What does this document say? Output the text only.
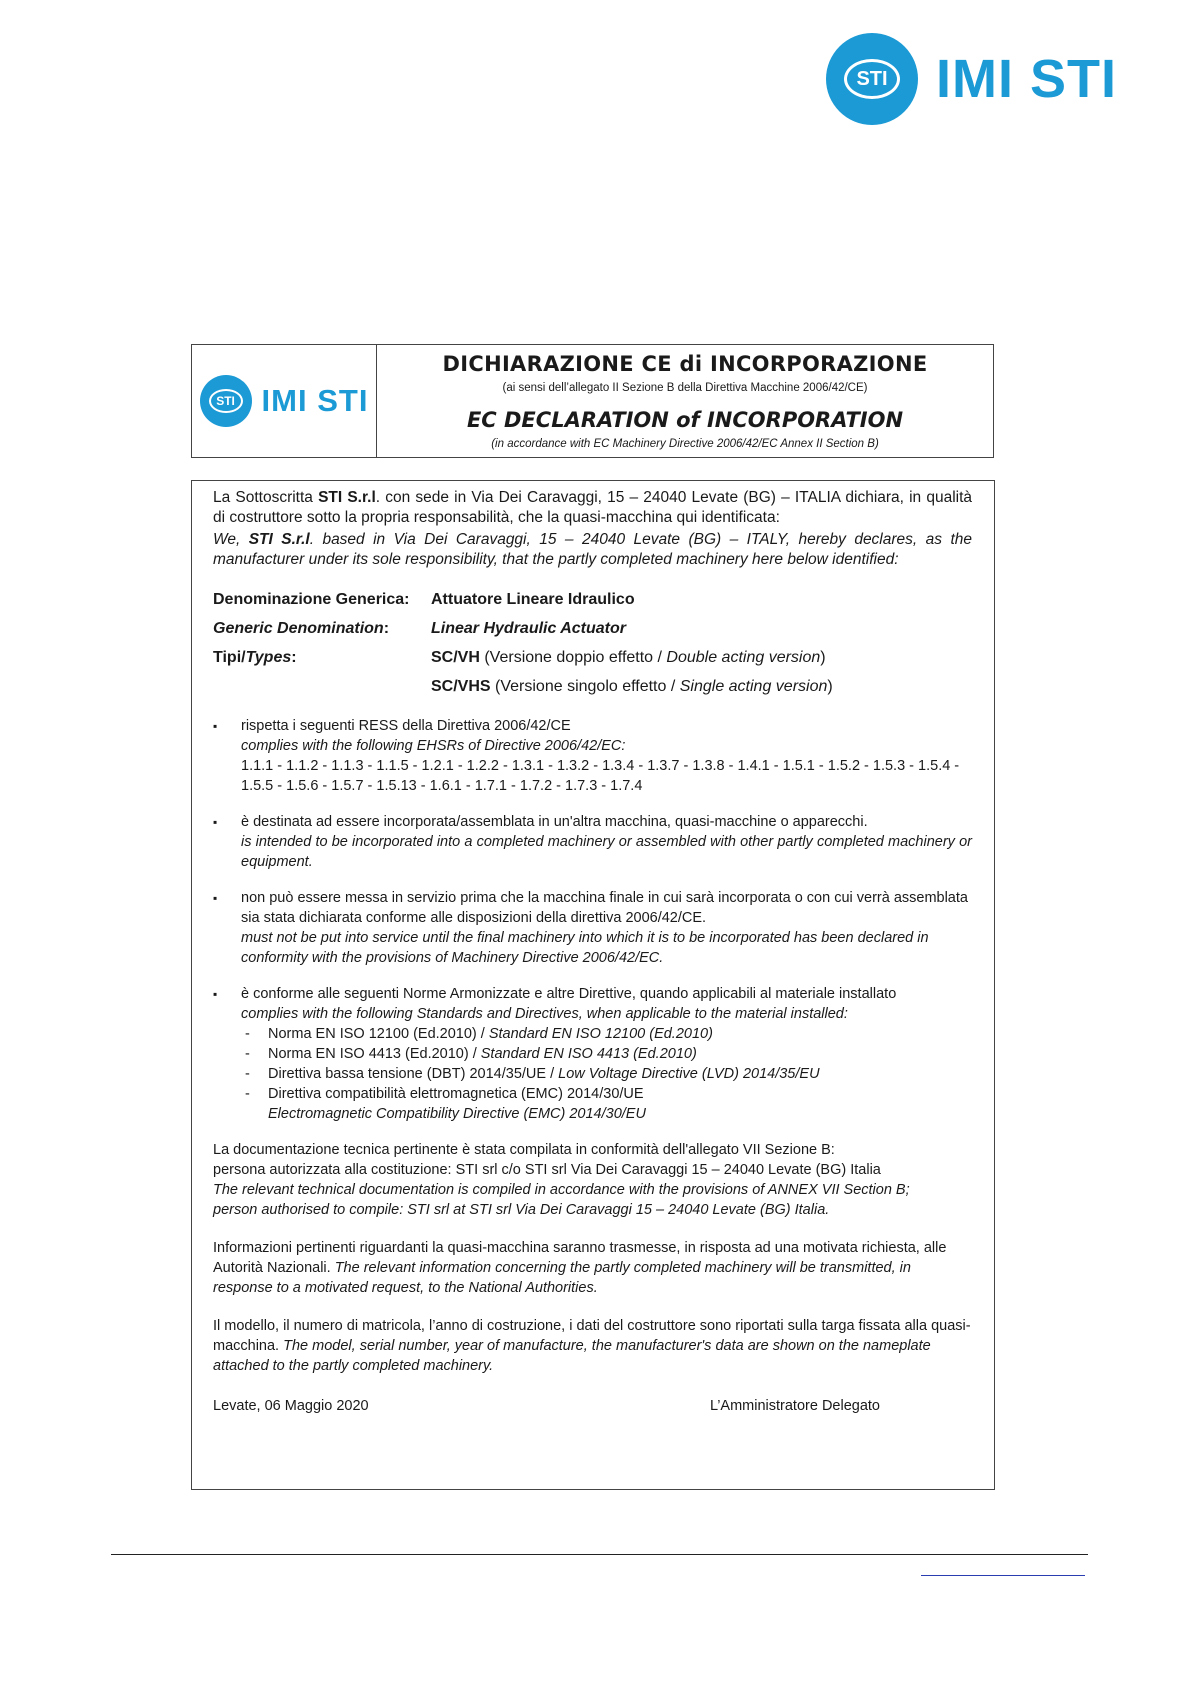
STI IMI STI
STI IMI STI
DICHIARAZIONE CE di INCORPORAZIONE
(ai sensi dell’allegato II Sezione B della Direttiva Macchine 2006/42/CE)
EC DECLARATION of INCORPORATION
(in accordance with EC Machinery Directive 2006/42/EC Annex II Section B)

La Sottoscritta STI S.r.l. con sede in Via Dei Caravaggi, 15 – 24040 Levate (BG) – ITALIA dichiara, in qualità di costruttore sotto la propria responsabilità, che la quasi-macchina qui identificata:

We, STI S.r.l. based in Via Dei Caravaggi, 15 – 24040 Levate (BG) – ITALY, hereby declares, as the manufacturer under its sole responsibility, that the partly completed machinery here below identified:

Denominazione Generica:	Attuatore Lineare Idraulico
Generic Denomination:	Linear Hydraulic Actuator
Tipi/Types:	SC/VH (Versione doppio effetto / Double acting version)
SC/VHS (Versione singolo effetto / Single acting version)
▪ rispetta i seguenti RESS della Direttiva 2006/42/CE
complies with the following EHSRs of Directive 2006/42/EC:
1.1.1 - 1.1.2 - 1.1.3 - 1.1.5 - 1.2.1 - 1.2.2 - 1.3.1 - 1.3.2 - 1.3.4 - 1.3.7 - 1.3.8 - 1.4.1 - 1.5.1 - 1.5.2 - 1.5.3 - 1.5.4 - 1.5.5 - 1.5.6 - 1.5.7 - 1.5.13 - 1.6.1 - 1.7.1 - 1.7.2 - 1.7.3 - 1.7.4
▪ è destinata ad essere incorporata/assemblata in un'altra macchina, quasi-macchine o apparecchi.
is intended to be incorporated into a completed machinery or assembled with other partly completed machinery or equipment.
▪ non può essere messa in servizio prima che la macchina finale in cui sarà incorporata o con cui verrà assemblata sia stata dichiarata conforme alle disposizioni della direttiva 2006/42/CE.
must not be put into service until the final machinery into which it is to be incorporated has been declared in conformity with the provisions of Machinery Directive 2006/42/EC.
▪ è conforme alle seguenti Norme Armonizzate e altre Direttive, quando applicabili al materiale installato
complies with the following Standards and Directives, when applicable to the material installed:
- Norma EN ISO 12100 (Ed.2010) / Standard EN ISO 12100 (Ed.2010)
- Norma EN ISO 4413 (Ed.2010) / Standard EN ISO 4413 (Ed.2010)
- Direttiva bassa tensione (DBT) 2014/35/UE / Low Voltage Directive (LVD) 2014/35/EU
- Direttiva compatibilità elettromagnetica (EMC) 2014/30/UE
Electromagnetic Compatibility Directive (EMC) 2014/30/EU
La documentazione tecnica pertinente è stata compilata in conformità dell'allegato VII Sezione B:
persona autorizzata alla costituzione: STI srl c/o STI srl Via Dei Caravaggi 15 – 24040 Levate (BG) Italia
The relevant technical documentation is compiled in accordance with the provisions of ANNEX VII Section B;
person authorised to compile: STI srl at STI srl Via Dei Caravaggi 15 – 24040 Levate (BG) Italia.

Informazioni pertinenti riguardanti la quasi-macchina saranno trasmesse, in risposta ad una motivata richiesta, alle Autorità Nazionali. The relevant information concerning the partly completed machinery will be transmitted, in response to a motivated request, to the National Authorities.

Il modello, il numero di matricola, l’anno di costruzione, i dati del costruttore sono riportati sulla targa fissata alla quasi-macchina. The model, serial number, year of manufacture, the manufacturer's data are shown on the nameplate attached to the partly completed machinery.

Levate, 06 Maggio 2020	L’Amministratore Delegato
